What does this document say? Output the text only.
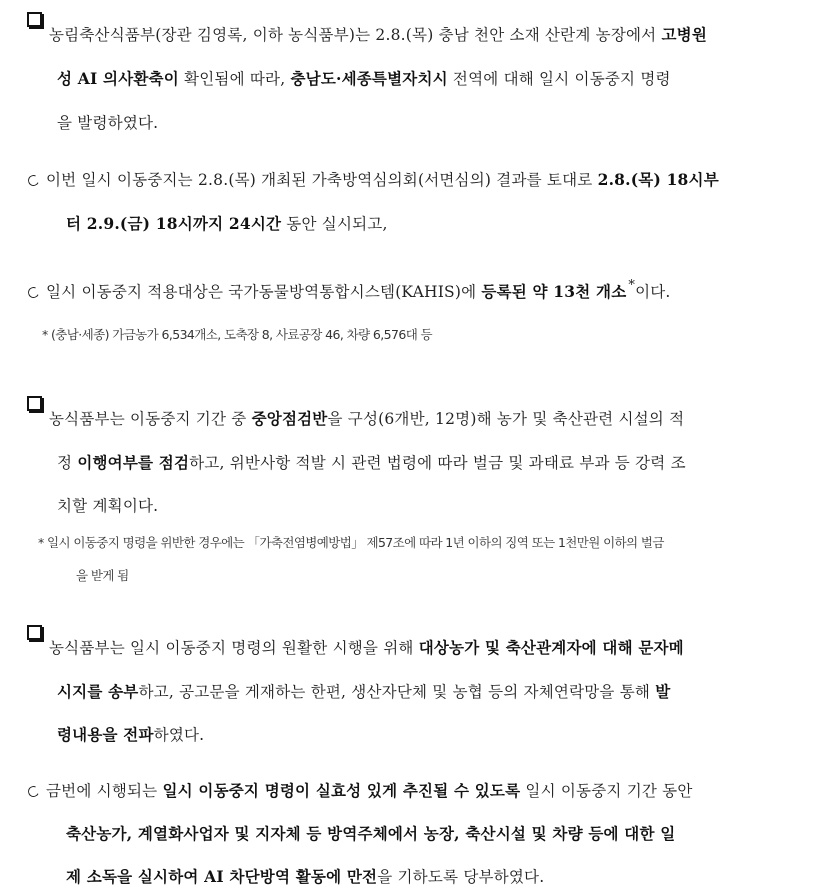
농림축산식품부(장관 김영록, 이하 농식품부)는 2.8.(목) 충남 천안 소재 산란계 농장에서 고병원
성 AI 의사환축이 확인됨에 따라, 충남도·세종특별자치시 전역에 대해 일시 이동중지 명령
을 발령하였다.
이번 일시 이동중지는 2.8.(목) 개최된 가축방역심의회(서면심의) 결과를 토대로 2.8.(목) 18시부
터 2.9.(금) 18시까지 24시간 동안 실시되고,
일시 이동중지 적용대상은 국가동물방역통합시스템(KAHIS)에 등록된 약 13천 개소 *이다.
* (충남·세종) 가금농가 6,534개소, 도축장 8, 사료공장 46, 차량 6,576대 등
농식품부는 이동중지 기간 중 중앙점검반을 구성(6개반, 12명)해 농가 및 축산관련 시설의 적
정 이행여부를 점검하고, 위반사항 적발 시 관련 법령에 따라 벌금 및 과태료 부과 등 강력 조
치할 계획이다.
* 일시 이동중지 명령을 위반한 경우에는 「가축전염병예방법」 제57조에 따라 1년 이하의 징역 또는 1천만원 이하의 벌금
을 받게 됨
농식품부는 일시 이동중지 명령의 원활한 시행을 위해 대상농가 및 축산관계자에 대해 문자메
시지를 송부하고, 공고문을 게재하는 한편, 생산자단체 및 농협 등의 자체연락망을 통해 발
령내용을 전파하였다.
금번에 시행되는 일시 이동중지 명령이 실효성 있게 추진될 수 있도록 일시 이동중지 기간 동안
축산농가, 계열화사업자 및 지자체 등 방역주체에서 농장, 축산시설 및 차량 등에 대한 일
제 소독을 실시하여 AI 차단방역 활동에 만전을 기하도록 당부하였다.
